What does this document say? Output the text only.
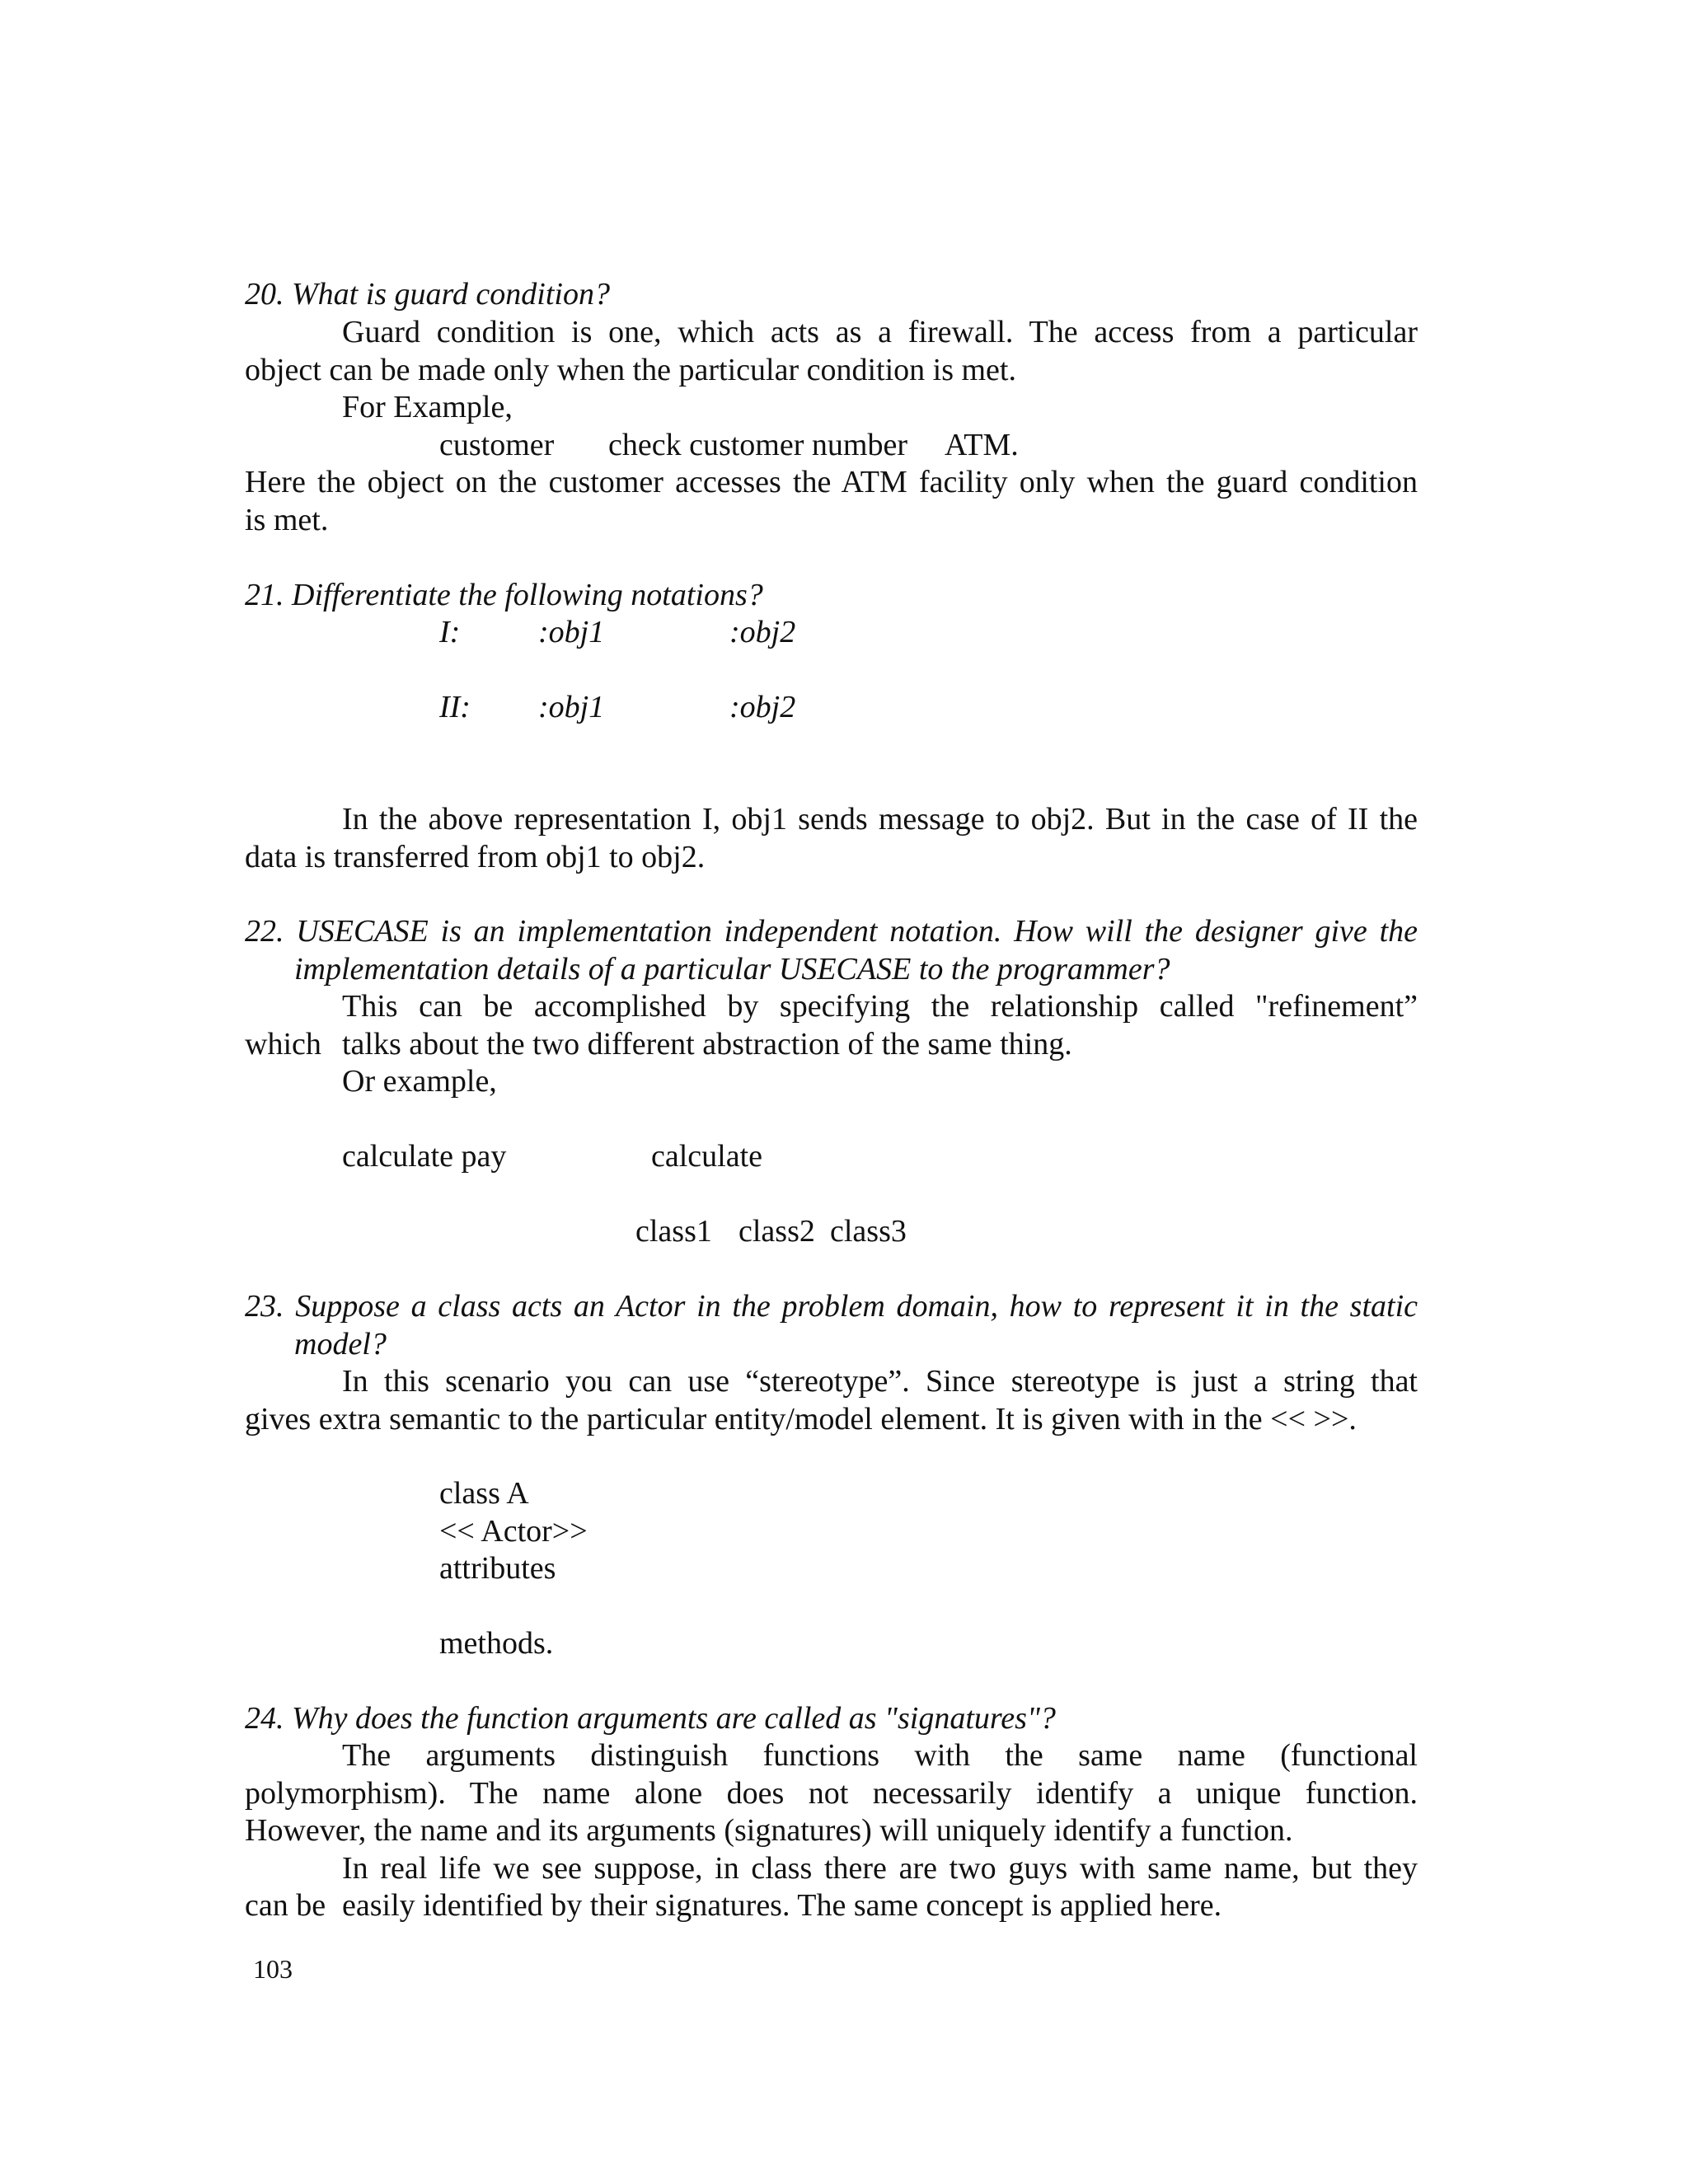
20. What is guard condition?
Guard condition is one, which acts as a firewall. The access from a particular
object can be made only when the particular condition is met.
For Example,
customer check customer number ATM.
Here the object on the customer accesses the ATM facility only when the guard condition
is met.
21. Differentiate the following notations?
I: :obj1	:obj2
II: :obj1	:obj2
In the above representation I, obj1 sends message to obj2. But in the case of II the
data is transferred from obj1 to obj2.
22. USECASE is an implementation independent notation. How will the designer give the
implementation details of a particular USECASE to the programmer?
This can be accomplished by specifying the relationship called "refinement”
which talks about the two different abstraction of the same thing.
Or example,
calculate pay	calculate
class1 class2 class3
23. Suppose a class acts an Actor in the problem domain, how to represent it in the static
model?
In this scenario you can use “stereotype”. Since stereotype is just a string that
gives extra semantic to the particular entity/model element. It is given with in the << >>.
class A
<< Actor>>
attributes
methods.
24. Why does the function arguments are called as "signatures"?
The arguments distinguish functions with the same name (functional
polymorphism). The name alone does not necessarily identify a unique function.
However, the name and its arguments (signatures) will uniquely identify a function.
In real life we see suppose, in class there are two guys with same name, but they
can be easily identified by their signatures. The same concept is applied here.
103
